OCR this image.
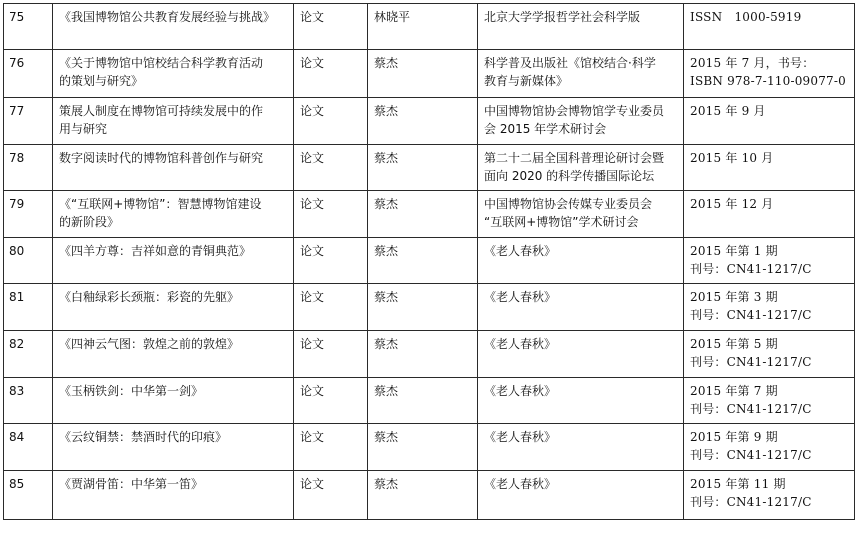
75	《我国博物馆公共教育发展经验与挑战》	论文	林晓平	北京大学学报哲学社会科学版	ISSN　1000-5919

76	《关于博物馆中馆校结合科学教育活动
的策划与研究》	论文	蔡杰	科学普及出版社《馆校结合·科学
教育与新媒体》	2015 年 7 月，书号：
ISBN 978-7-110-09077-0

77	策展人制度在博物馆可持续发展中的作
用与研究	论文	蔡杰	中国博物馆协会博物馆学专业委员
会 2015 年学术研讨会	2015 年 9 月

78	数字阅读时代的博物馆科普创作与研究	论文	蔡杰	第二十二届全国科普理论研讨会暨
面向 2020 的科学传播国际论坛	2015 年 10 月

79	《“互联网+博物馆”：智慧博物馆建设
的新阶段》	论文	蔡杰	中国博物馆协会传媒专业委员会
“互联网+博物馆”学术研讨会	2015 年 12 月

80	《四羊方尊：吉祥如意的青铜典范》	论文	蔡杰	《老人春秋》	2015 年第 1 期
刊号：CN41-1217/C

81	《白釉绿彩长颈瓶：彩瓷的先躯》	论文	蔡杰	《老人春秋》	2015 年第 3 期
刊号：CN41-1217/C

82	《四神云气图：敦煌之前的敦煌》	论文	蔡杰	《老人春秋》	2015 年第 5 期
刊号：CN41-1217/C

83	《玉柄铁剑：中华第一剑》	论文	蔡杰	《老人春秋》	2015 年第 7 期
刊号：CN41-1217/C

84	《云纹铜禁：禁酒时代的印痕》	论文	蔡杰	《老人春秋》	2015 年第 9 期
刊号：CN41-1217/C

85	《贾湖骨笛：中华第一笛》	论文	蔡杰	《老人春秋》	2015 年第 11 期
刊号：CN41-1217/C
